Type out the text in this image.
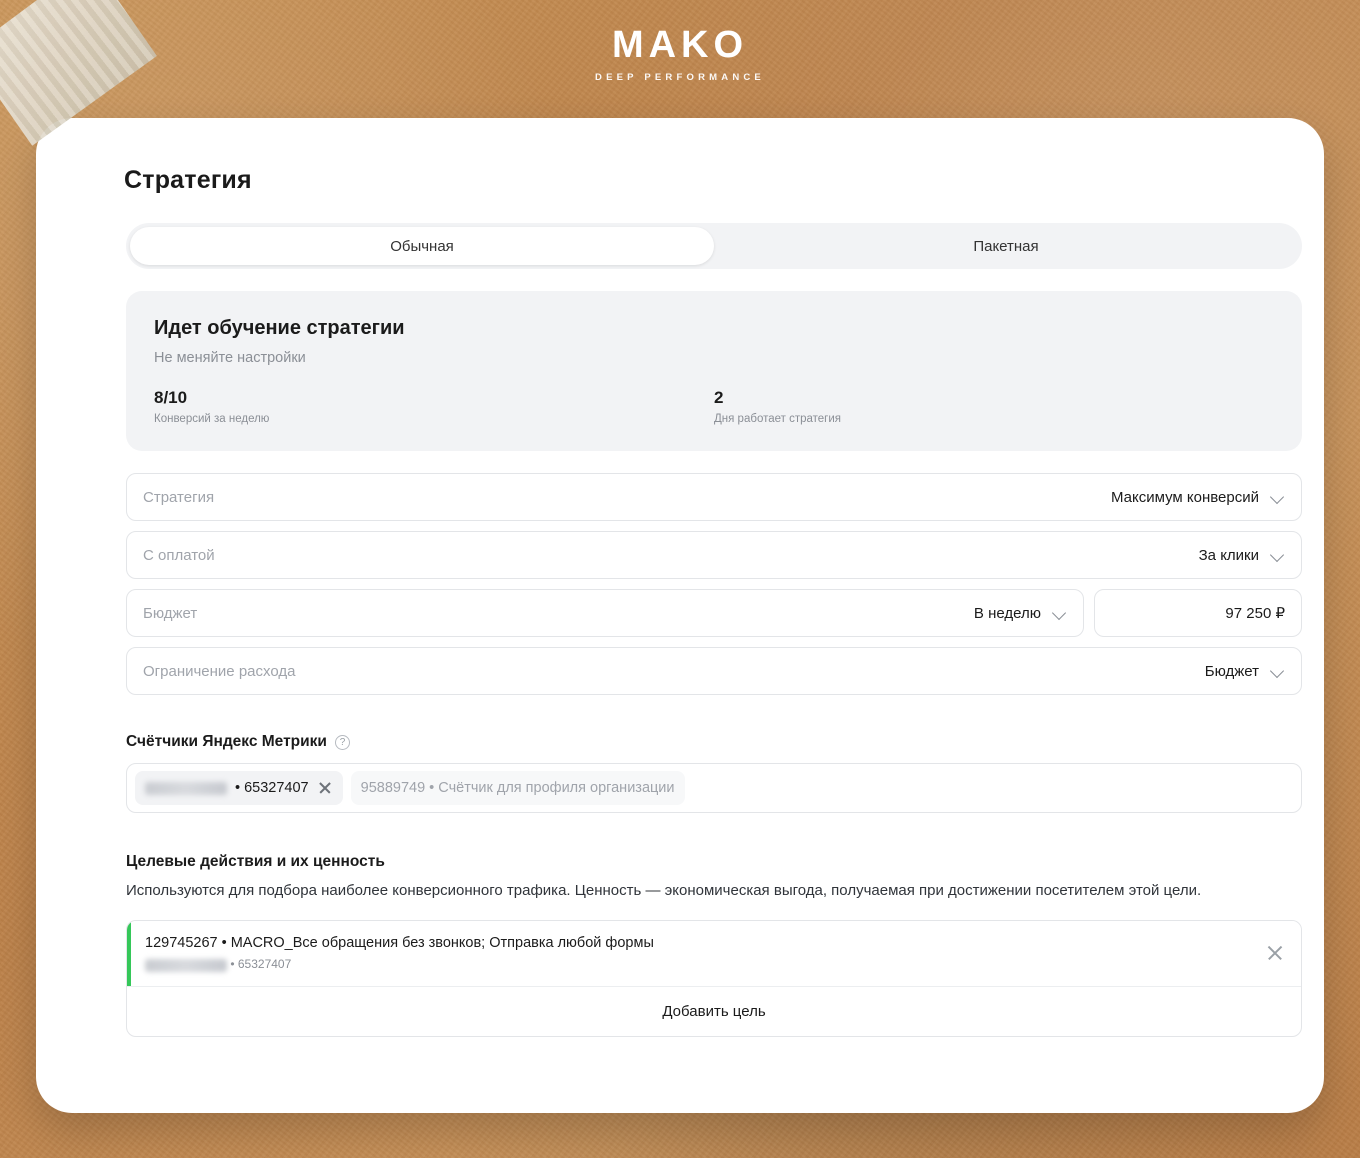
MAKO
DEEP PERFORMANCE
Стратегия
Обычная	Пакетная
Идет обучение стратегии
Не меняйте настройки
8/10
Конверсий за неделю
2
Дня работает стратегия
Стратегия	Максимум конверсий
С оплатой	За клики
Бюджет	В неделю	97 250 ₽
Ограничение расхода	Бюджет
Счётчики Яндекс Метрики	?
• 65327407	95889749 • Счётчик для профиля организации
Целевые действия и их ценность
Используются для подбора наиболее конверсионного трафика. Ценность — экономическая выгода, получаемая при достижении посетителем этой цели.
129745267 • MACRO_Все обращения без звонков; Отправка любой формы
• 65327407
Добавить цель
